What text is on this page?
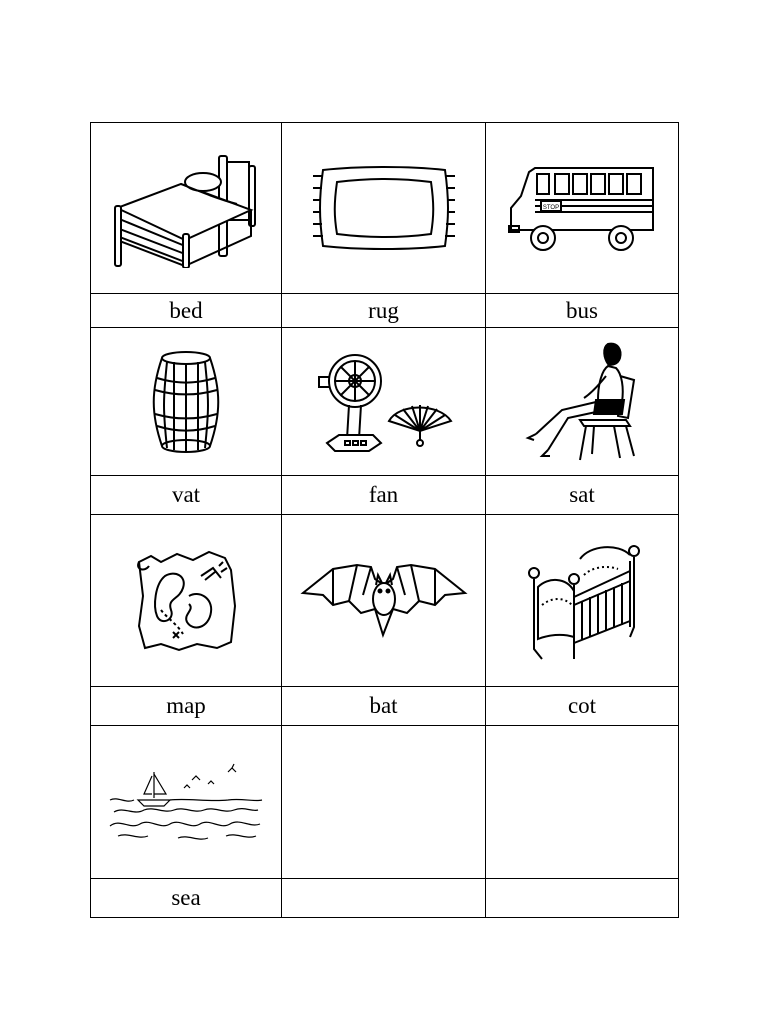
STOP

bed	rug	bus

vat	fan	sat

map	bat	cot

sea		
